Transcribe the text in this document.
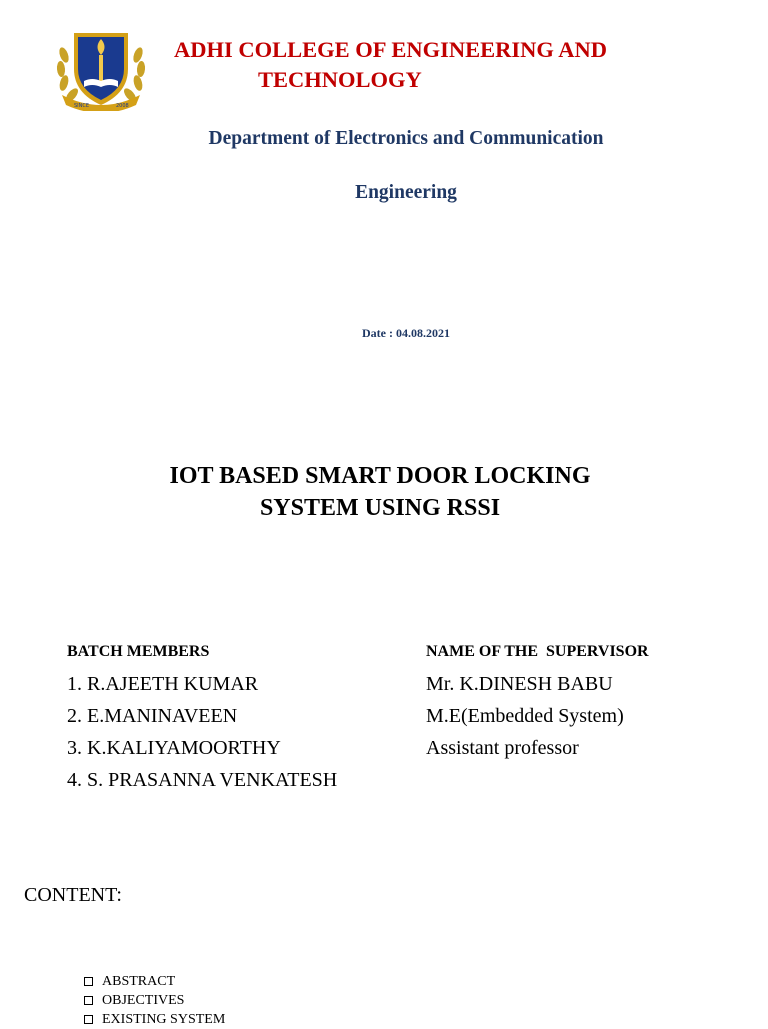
SINCE	2008
ADHI COLLEGE OF ENGINEERING AND
TECHNOLOGY
Department of Electronics and Communication
Engineering
Date : 04.08.2021
IOT BASED SMART DOOR LOCKING
SYSTEM USING RSSI
BATCH MEMBERS
1. R.AJEETH KUMAR
2. E.MANINAVEEN
3. K.KALIYAMOORTHY
4. S. PRASANNA VENKATESH
NAME OF THE  SUPERVISOR
Mr. K.DINESH BABU
M.E(Embedded System)
Assistant professor
CONTENT:
ABSTRACT
OBJECTIVES
EXISTING SYSTEM
